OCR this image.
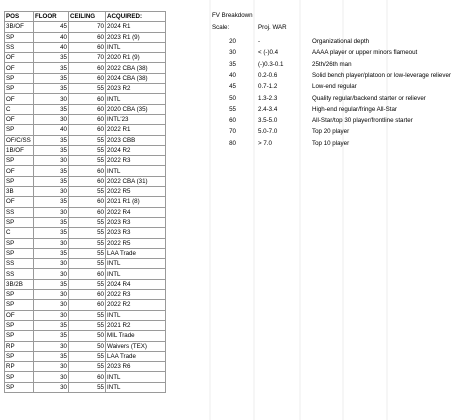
POS	FLOOR	CEILING	ACQUIRED:
3B/OF	45	70	2024 R1
SP	40	60	2023 R1 (9)
SS	40	60	INTL
OF	35	70	2020 R1 (9)
OF	35	60	2022 CBA (38)
SP	35	60	2024 CBA (38)
SP	35	55	2023 R2
OF	30	60	INTL
C	35	60	2020 CBA (35)
OF	30	60	INTL'23
SP	40	60	2022 R1
OF/C/SS	35	55	2023 CBB
1B/OF	35	55	2024 R2
SP	30	55	2022 R3
OF	35	60	INTL
SP	35	60	2022 CBA (31)
3B	30	55	2022 R5
OF	35	60	2021 R1 (8)
SS	30	60	2022 R4
SP	35	55	2023 R3
C	35	55	2023 R3
SP	30	55	2022 R5
SP	35	55	LAA Trade
SS	30	55	INTL
SS	30	60	INTL
3B/2B	35	55	2024 R4
SP	30	60	2022 R3
SP	30	60	2022 R2
OF	30	55	INTL
SP	35	55	2021 R2
SP	35	50	MIL Trade
RP	30	50	Waivers (TEX)
SP	35	55	LAA Trade
RP	30	55	2023 R6
SP	30	60	INTL
SP	30	55	INTL
FV Breakdown
Scale:	Proj. WAR
20	-	Organizational depth
30	< (-)0.4	AAAA player or upper minors flameout
35	(-)0.3-0.1	25th/26th man
40	0.2-0.6	Solid bench player/platoon or low-leverage reliever
45	0.7-1.2	Low-end regular
50	1.3-2.3	Quality regular/backend starter or reliever
55	2.4-3.4	High-end regular/fringe All-Star
60	3.5-5.0	All-Star/top 30 player/frontline starter
70	5.0-7.0	Top 20 player
80	> 7.0	Top 10 player
